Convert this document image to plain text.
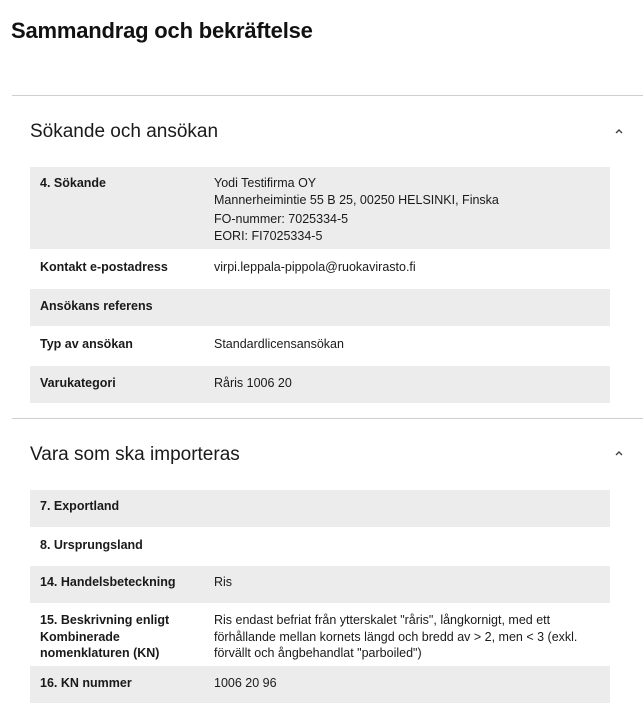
Sammandrag och bekräftelse
Sökande och ansökan
4. Sökande	Yodi Testifirma OY
Mannerheimintie 55 B 25, 00250 HELSINKI, Finska
FO-nummer: 7025334-5
EORI: FI7025334-5
Kontakt e-postadress	virpi.leppala-pippola@ruokavirasto.fi
Ansökans referens
Typ av ansökan	Standardlicensansökan
Varukategori	Råris 1006 20
Vara som ska importeras
7. Exportland
8. Ursprungsland
14. Handelsbeteckning	Ris
15. Beskrivning enligt Kombinerade nomenklaturen (KN)
Ris endast befriat från ytterskalet "råris", långkornigt, med ett förhållande mellan kornets längd och bredd av > 2, men < 3 (exkl. förvällt och ångbehandlat "parboiled")
16. KN nummer	1006 20 96
